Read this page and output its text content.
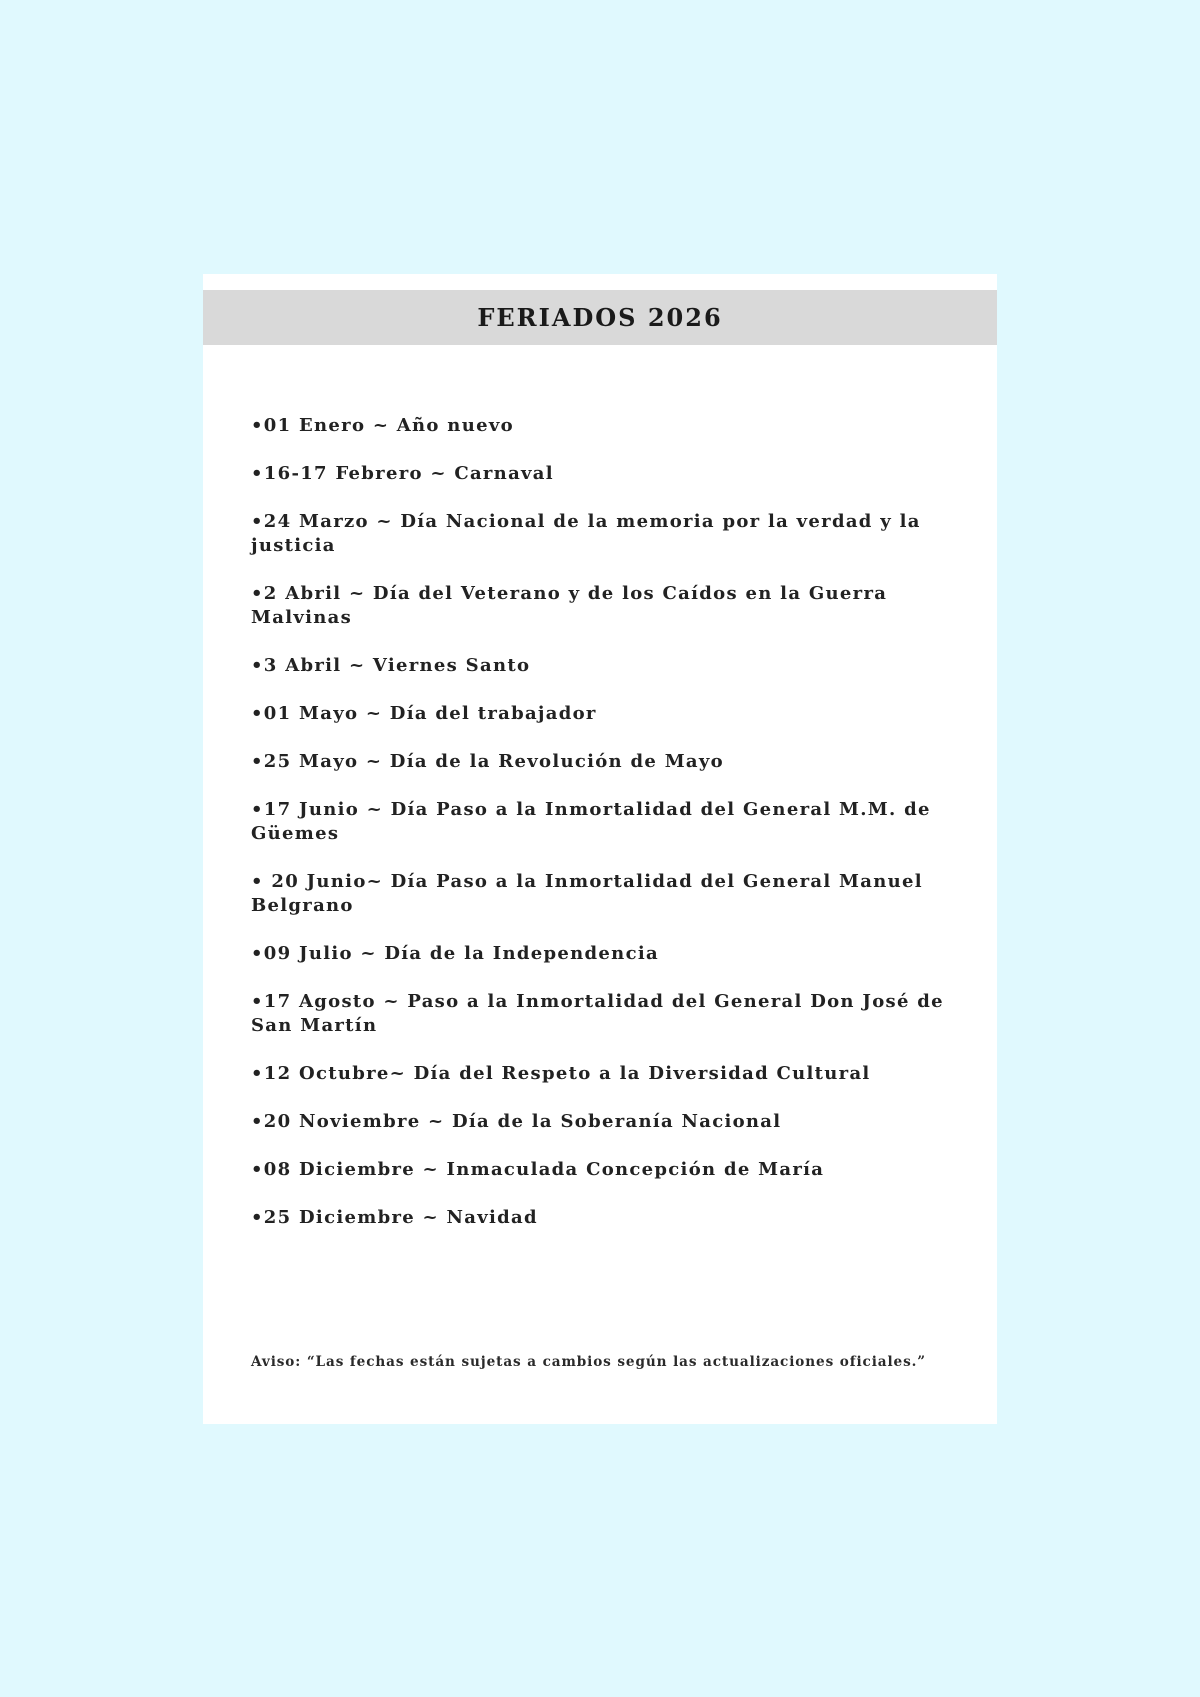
FERIADOS 2026
•01 Enero ~ Año nuevo
•16-17 Febrero ~ Carnaval
•24 Marzo ~ Día Nacional de la memoria por la verdad y la justicia
•2 Abril ~ Día del Veterano y de los Caídos en la Guerra Malvinas
•3 Abril ~ Viernes Santo
•01 Mayo ~ Día del trabajador
•25 Mayo ~ Día de la Revolución de Mayo
•17 Junio ~ Día Paso a la Inmortalidad del General M.M. de Güemes
• 20 Junio~ Día Paso a la Inmortalidad del General Manuel Belgrano
•09 Julio ~ Día de la Independencia
•17 Agosto ~ Paso a la Inmortalidad del General Don José de San Martín
•12 Octubre~ Día del Respeto a la Diversidad Cultural
•20 Noviembre ~ Día de la Soberanía Nacional
•08 Diciembre ~ Inmaculada Concepción de María
•25 Diciembre ~ Navidad

Aviso: “Las fechas están sujetas a cambios según las actualizaciones oficiales.”
